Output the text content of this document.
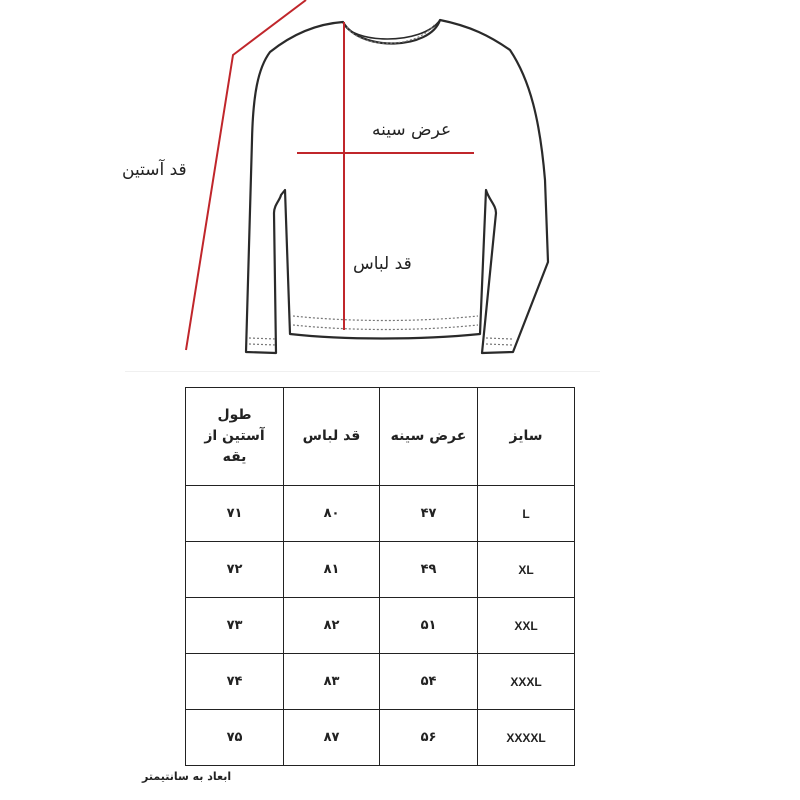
عرض سینه
قد آستین
قد لباس
طول آستین از یقه	قد لباس	عرض سینه	سایز
۷۱	۸۰	۴۷	L
۷۲	۸۱	۴۹	XL
۷۳	۸۲	۵۱	XXL
۷۴	۸۳	۵۴	XXXL
۷۵	۸۷	۵۶	XXXXL
ابعاد به سانتیمتر
